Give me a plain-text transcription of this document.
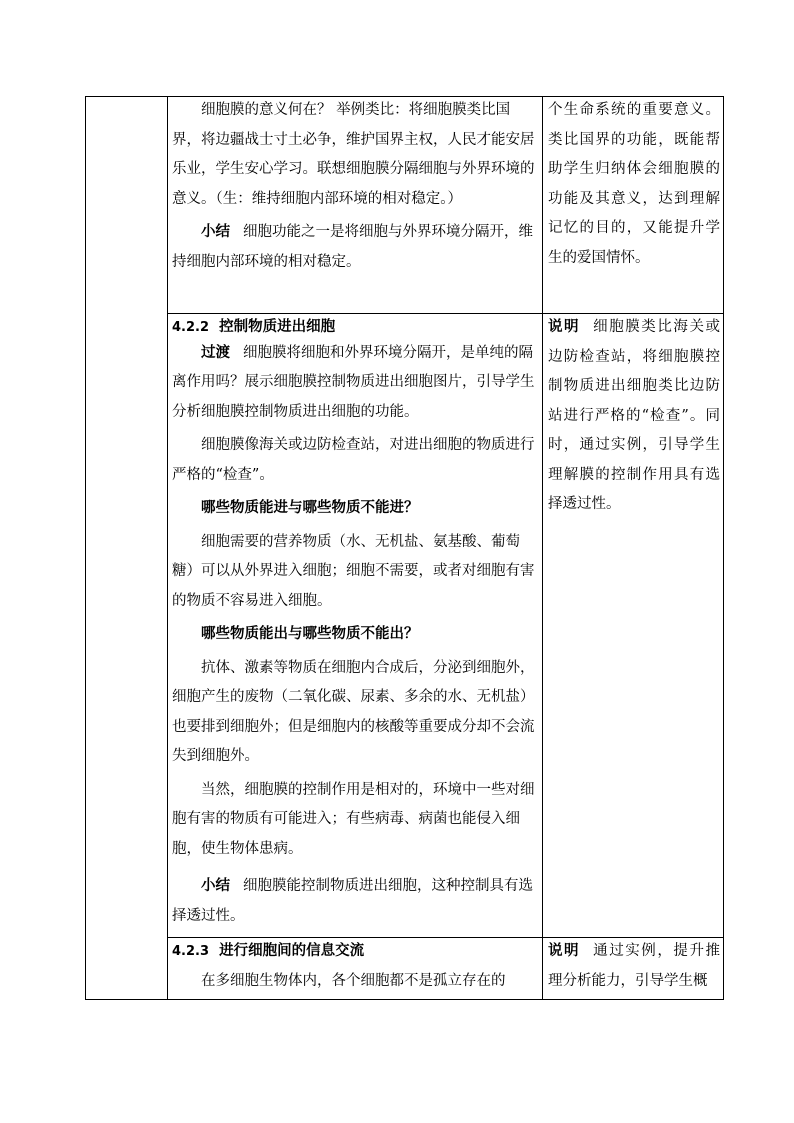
细胞膜的意义何在？ 举例类比：将细胞膜类比国界，将边疆战士寸土必争，维护国界主权，人民才能安居乐业，学生安心学习。联想细胞膜分隔细胞与外界环境的意义。（生：维持细胞内部环境的相对稳定。）

小结 细胞功能之一是将细胞与外界环境分隔开，维持细胞内部环境的相对稳定。

个生命系统的重要意义。类比国界的功能，既能帮助学生归纳体会细胞膜的功能及其意义，达到理解记忆的目的，又能提升学生的爱国情怀。

4.2.2 控制物质进出细胞

过渡 细胞膜将细胞和外界环境分隔开，是单纯的隔离作用吗？展示细胞膜控制物质进出细胞图片，引导学生分析细胞膜控制物质进出细胞的功能。

细胞膜像海关或边防检查站，对进出细胞的物质进行严格的“检查”。

哪些物质能进与哪些物质不能进？

细胞需要的营养物质（水、无机盐、氨基酸、葡萄糖）可以从外界进入细胞；细胞不需要，或者对细胞有害的物质不容易进入细胞。

哪些物质能出与哪些物质不能出？

抗体、激素等物质在细胞内合成后，分泌到细胞外，细胞产生的废物（二氧化碳、尿素、多余的水、无机盐）也要排到细胞外；但是细胞内的核酸等重要成分却不会流失到细胞外。

当然，细胞膜的控制作用是相对的，环境中一些对细胞有害的物质有可能进入；有些病毒、病菌也能侵入细胞，使生物体患病。

小结 细胞膜能控制物质进出细胞，这种控制具有选择透过性。

说明 细胞膜类比海关或边防检查站，将细胞膜控制物质进出细胞类比边防站进行严格的“检查”。同时，通过实例，引导学生理解膜的控制作用具有选择透过性。

4.2.3 进行细胞间的信息交流

在多细胞生物体内，各个细胞都不是孤立存在的

说明 通过实例，提升推理分析能力，引导学生概
